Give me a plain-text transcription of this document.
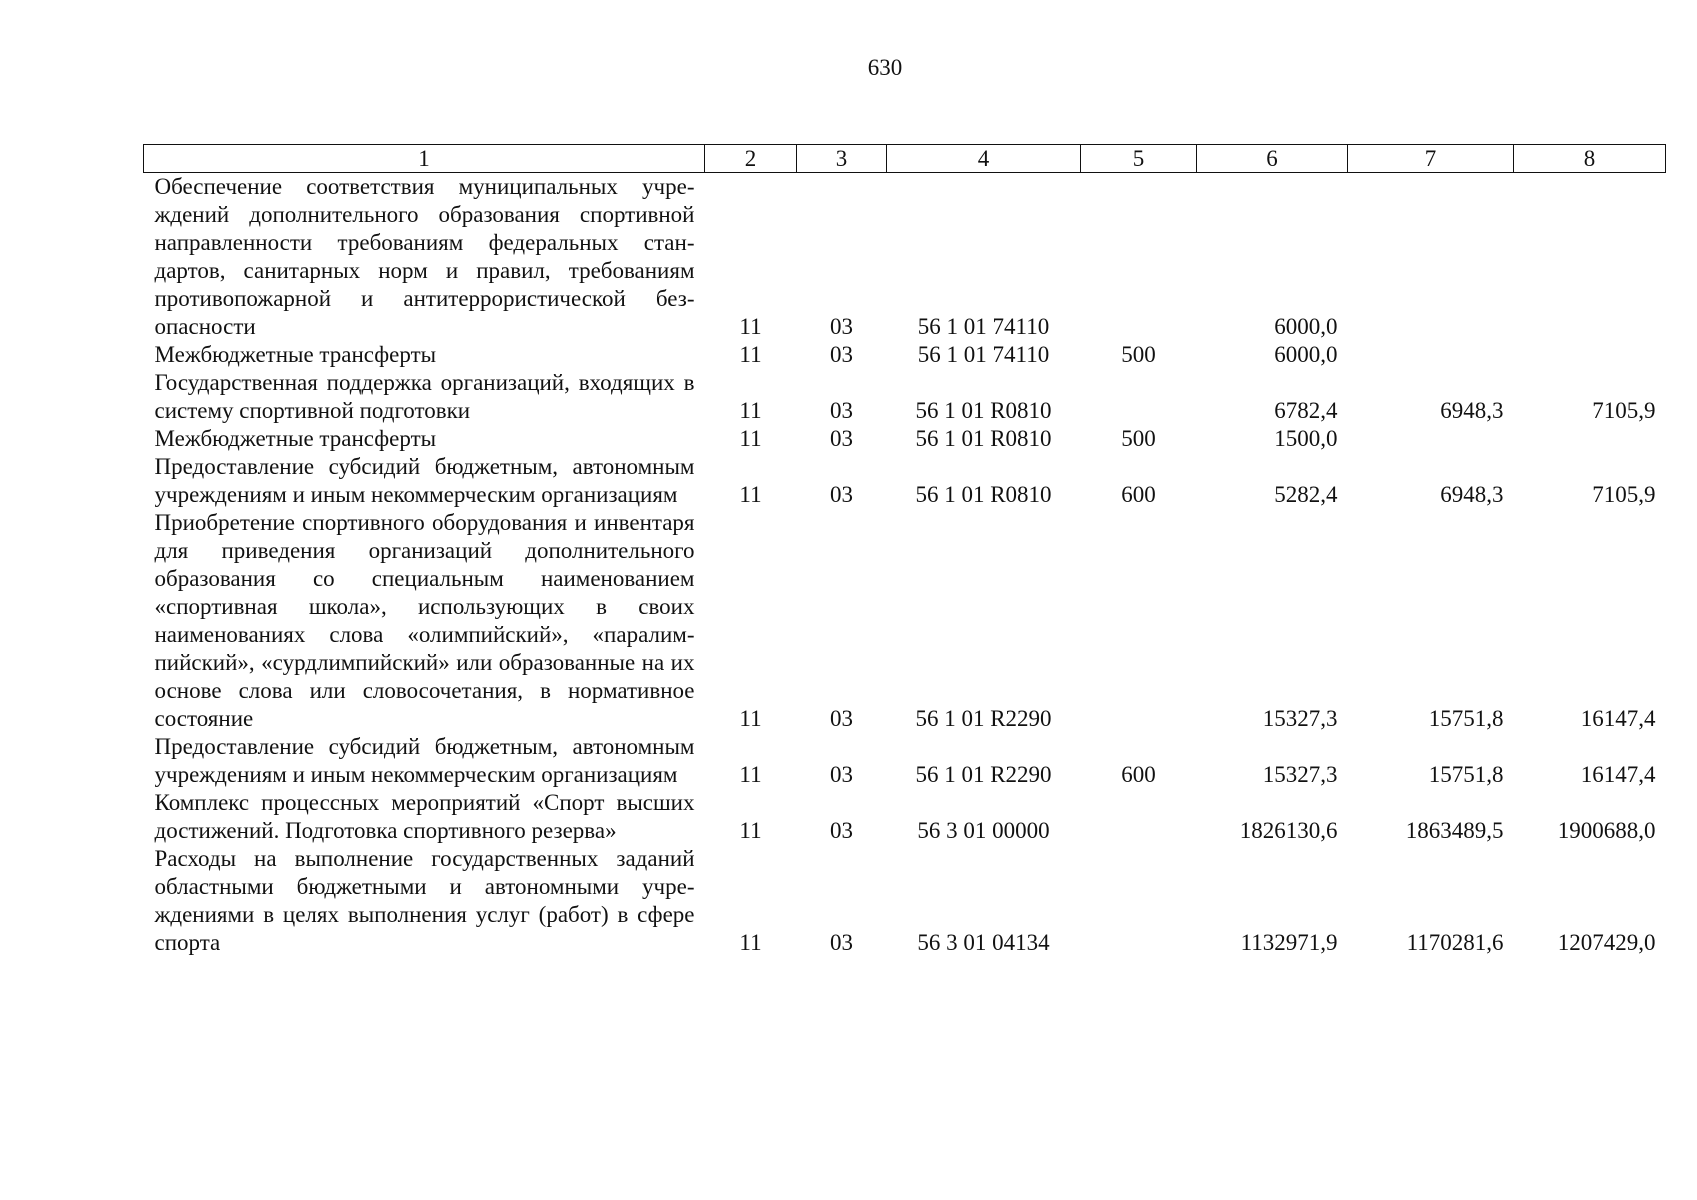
630
1	2	3	4	5	6	7	8
Обеспечение соответствия муниципальных учреждений дополнительного образования спортивной направленности требованиям федеральных стандартов, санитарных норм и правил, требованиям противопожарной и антитеррористической безопасности	11	03	56 1 01 74110		6000,0		
Межбюджетные трансферты	11	03	56 1 01 74110	500	6000,0		
Государственная поддержка организаций, входящих в систему спортивной подготовки	11	03	56 1 01 R0810		6782,4	6948,3	7105,9
Межбюджетные трансферты	11	03	56 1 01 R0810	500	1500,0		
Предоставление субсидий бюджетным, автономным учреждениям и иным некоммерческим организациям	11	03	56 1 01 R0810	600	5282,4	6948,3	7105,9
Приобретение спортивного оборудования и инвентаря для приведения организаций дополнительного образования со специальным наименованием «спортивная школа», использующих в своих наименованиях слова «олимпийский», «паралимпийский», «сурдлимпийский» или образованные на их основе слова или словосочетания, в нормативное состояние	11	03	56 1 01 R2290		15327,3	15751,8	16147,4
Предоставление субсидий бюджетным, автономным учреждениям и иным некоммерческим организациям	11	03	56 1 01 R2290	600	15327,3	15751,8	16147,4
Комплекс процессных мероприятий «Спорт высших достижений. Подготовка спортивного резерва»	11	03	56 3 01 00000		1826130,6	1863489,5	1900688,0
Расходы на выполнение государственных заданий областными бюджетными и автономными учреждениями в целях выполнения услуг (работ) в сфере спорта	11	03	56 3 01 04134		1132971,9	1170281,6	1207429,0
